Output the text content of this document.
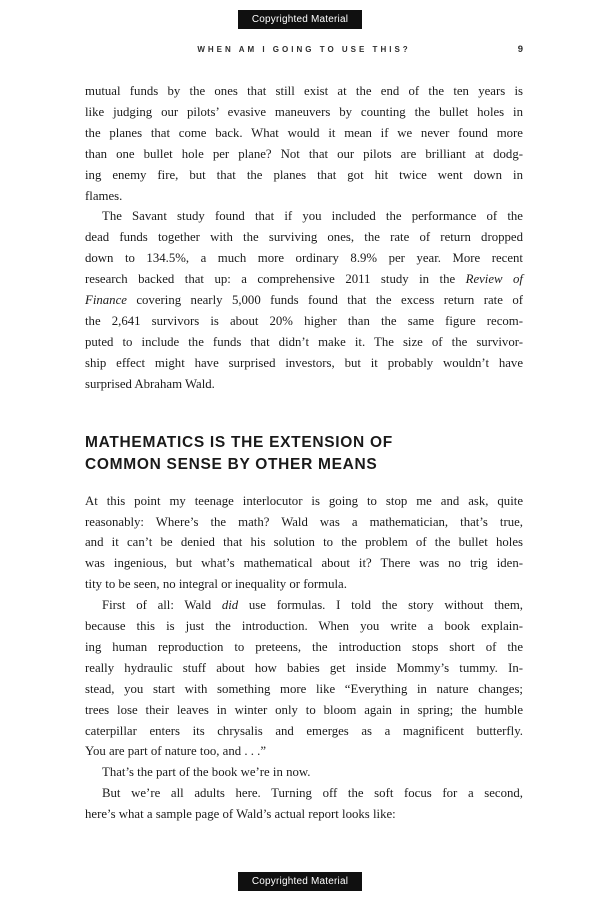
Copyrighted Material
WHEN AM I GOING TO USE THIS?	9
mutual funds by the ones that still exist at the end of the ten years is
like judging our pilots’ evasive maneuvers by counting the bullet holes in
the planes that come back. What would it mean if we never found more
than one bullet hole per plane? Not that our pilots are brilliant at dodg-
ing enemy fire, but that the planes that got hit twice went down in
flames.
The Savant study found that if you included the performance of the
dead funds together with the surviving ones, the rate of return dropped
down to 134.5%, a much more ordinary 8.9% per year. More recent
research backed that up: a comprehensive 2011 study in the Review of
Finance covering nearly 5,000 funds found that the excess return rate of
the 2,641 survivors is about 20% higher than the same figure recom-
puted to include the funds that didn’t make it. The size of the survivor-
ship effect might have surprised investors, but it probably wouldn’t have
surprised Abraham Wald.
MATHEMATICS IS THE EXTENSION OF
COMMON SENSE BY OTHER MEANS
At this point my teenage interlocutor is going to stop me and ask, quite
reasonably: Where’s the math? Wald was a mathematician, that’s true,
and it can’t be denied that his solution to the problem of the bullet holes
was ingenious, but what’s mathematical about it? There was no trig iden-
tity to be seen, no integral or inequality or formula.
First of all: Wald did use formulas. I told the story without them,
because this is just the introduction. When you write a book explain-
ing human reproduction to preteens, the introduction stops short of the
really hydraulic stuff about how babies get inside Mommy’s tummy. In-
stead, you start with something more like “Everything in nature changes;
trees lose their leaves in winter only to bloom again in spring; the humble
caterpillar enters its chrysalis and emerges as a magnificent butterfly.
You are part of nature too, and . . .”
That’s the part of the book we’re in now.
But we’re all adults here. Turning off the soft focus for a second,
here’s what a sample page of Wald’s actual report looks like:
Copyrighted Material
